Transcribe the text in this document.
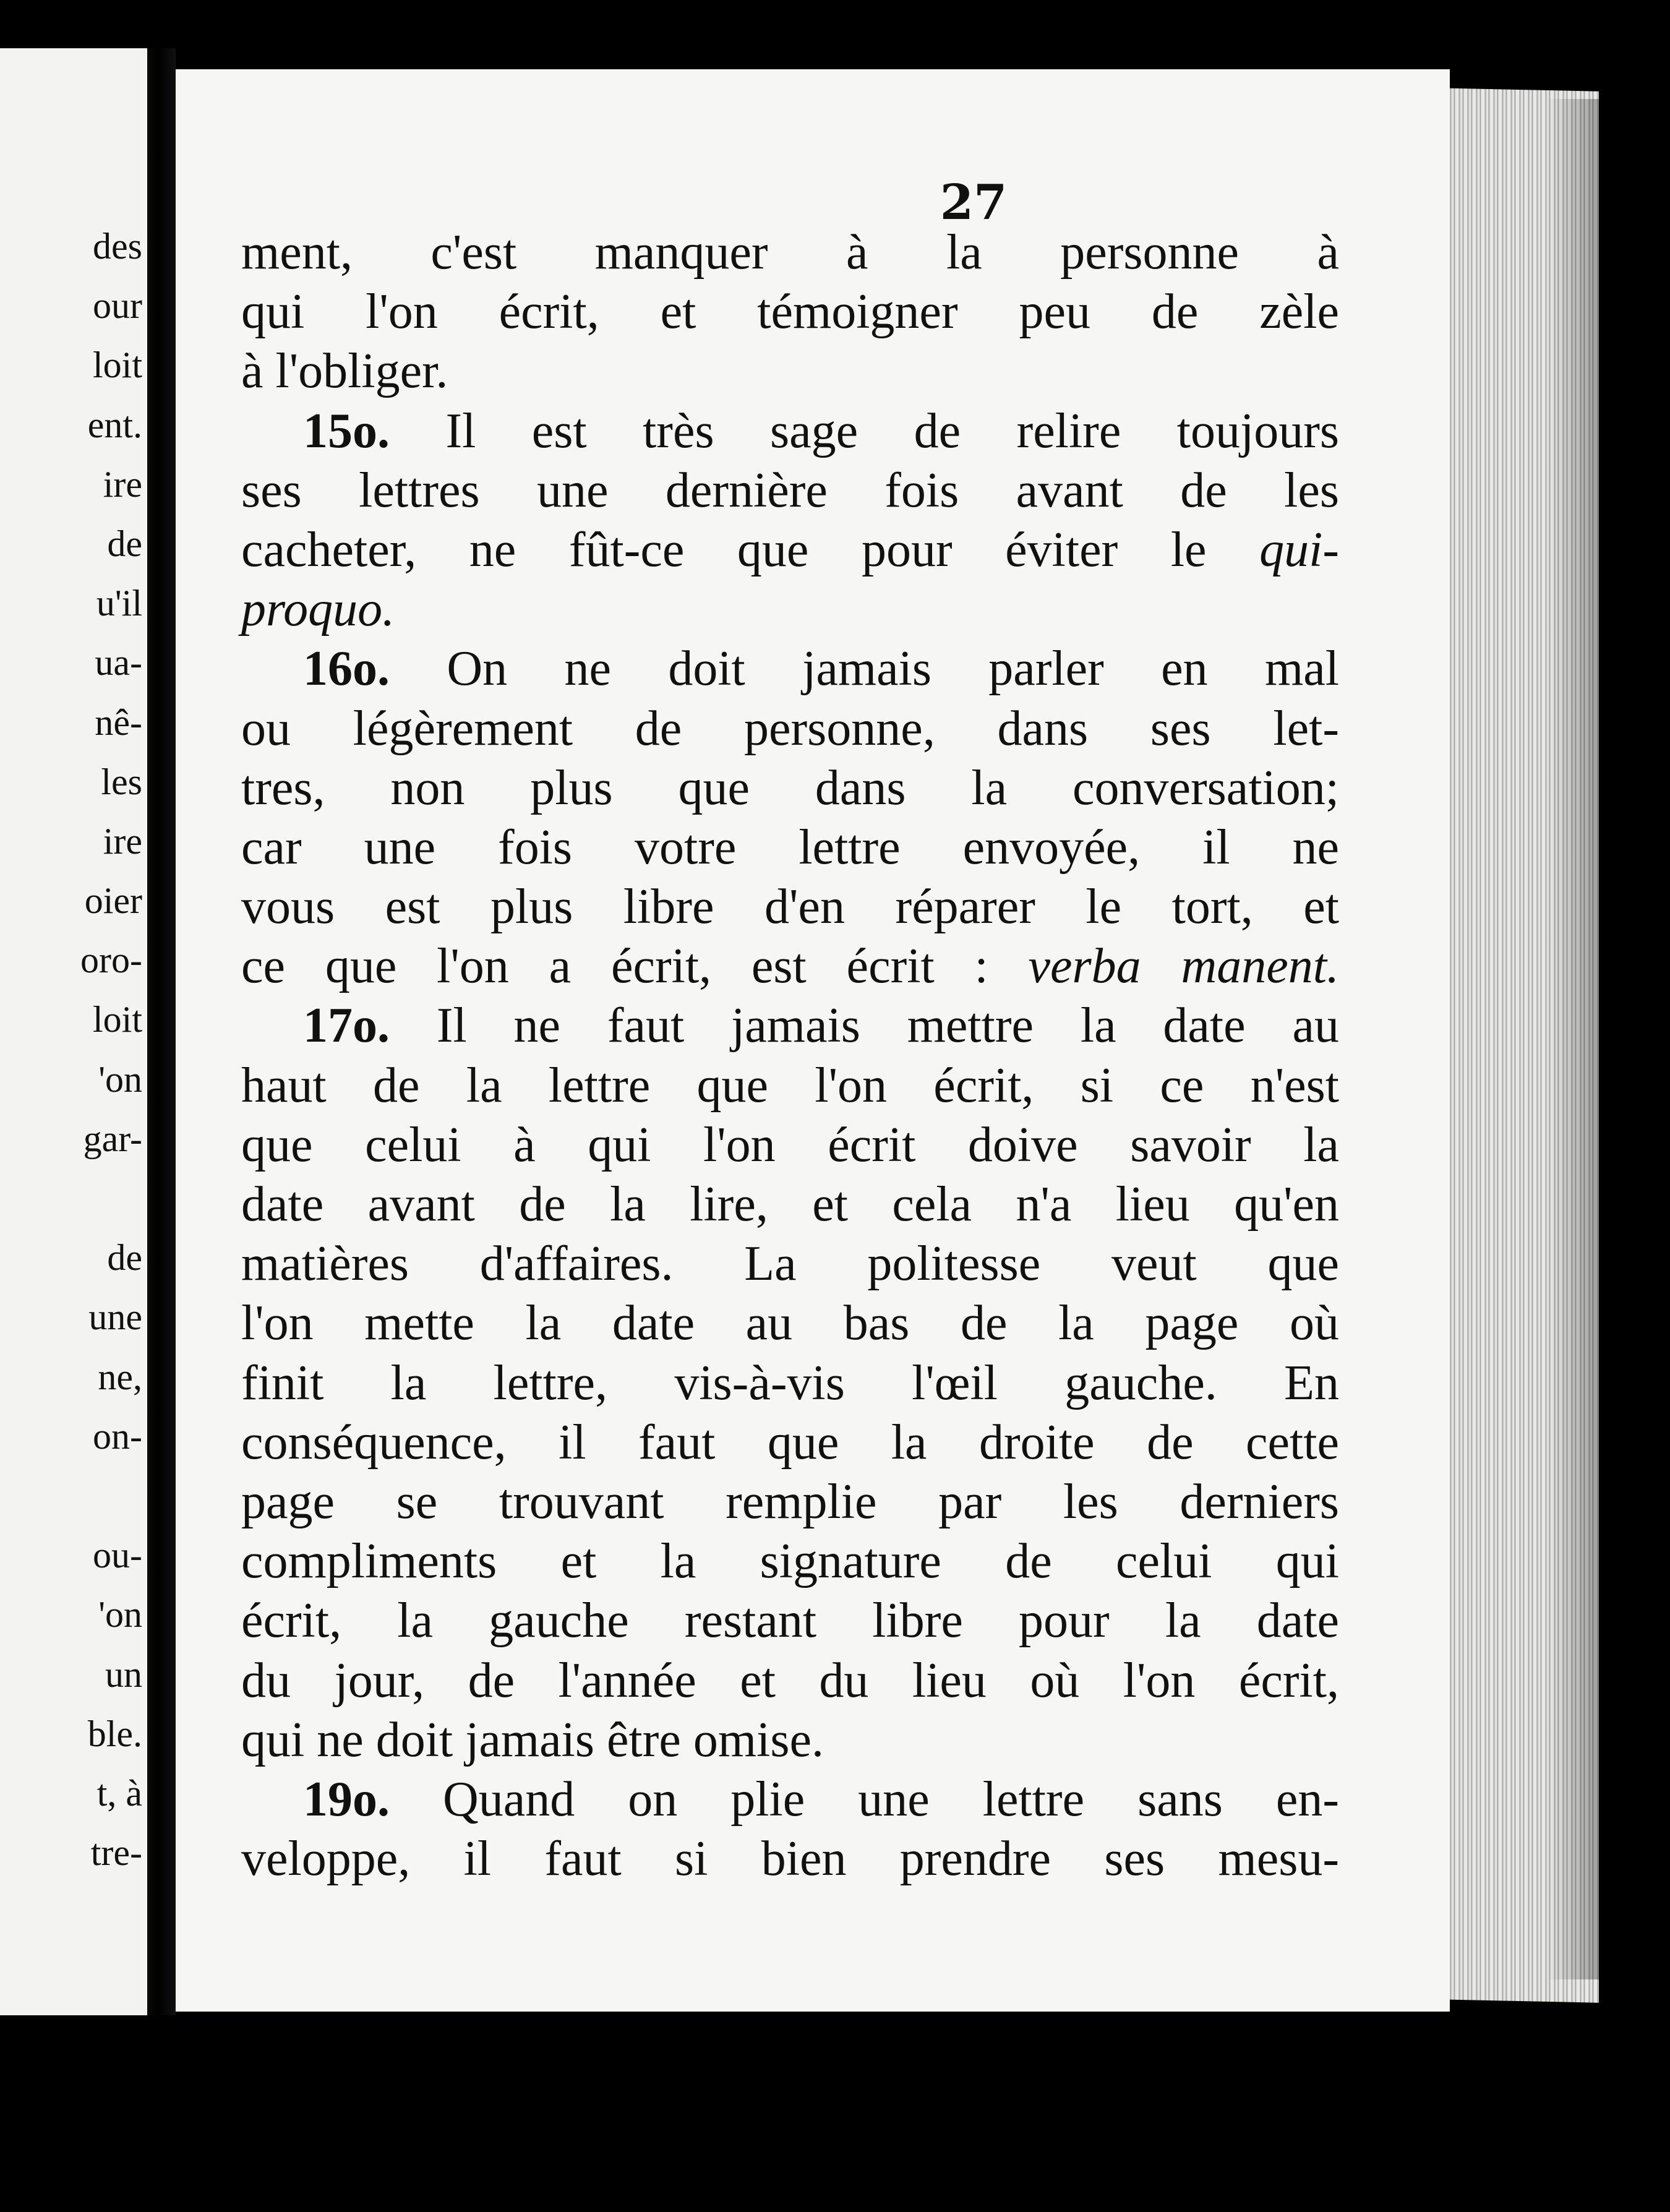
des
our
loit
ent.
ire
de
u'il
ua-
nê-
les
ire
oier
oro-
loit
'on
gar-
de
une
ne,
on-
ou-
'on
un
ble.
t, à
tre-
27
ment, c'est manquer à la personne à
qui l'on écrit, et témoigner peu de zèle
à l'obliger.
15o. Il est très sage de relire toujours
ses lettres une dernière fois avant de les
cacheter, ne fût-ce que pour éviter le qui-
proquo.
16o. On ne doit jamais parler en mal
ou légèrement de personne, dans ses let-
tres, non plus que dans la conversation;
car une fois votre lettre envoyée, il ne
vous est plus libre d'en réparer le tort, et
ce que l'on a écrit, est écrit : verba manent.
17o. Il ne faut jamais mettre la date au
haut de la lettre que l'on écrit, si ce n'est
que celui à qui l'on écrit doive savoir la
date avant de la lire, et cela n'a lieu qu'en
matières d'affaires. La politesse veut que
l'on mette la date au bas de la page où
finit la lettre, vis-à-vis l'œil gauche. En
conséquence, il faut que la droite de cette
page se trouvant remplie par les derniers
compliments et la signature de celui qui
écrit, la gauche restant libre pour la date
du jour, de l'année et du lieu où l'on écrit,
qui ne doit jamais être omise.
19o. Quand on plie une lettre sans en-
veloppe, il faut si bien prendre ses mesu-
